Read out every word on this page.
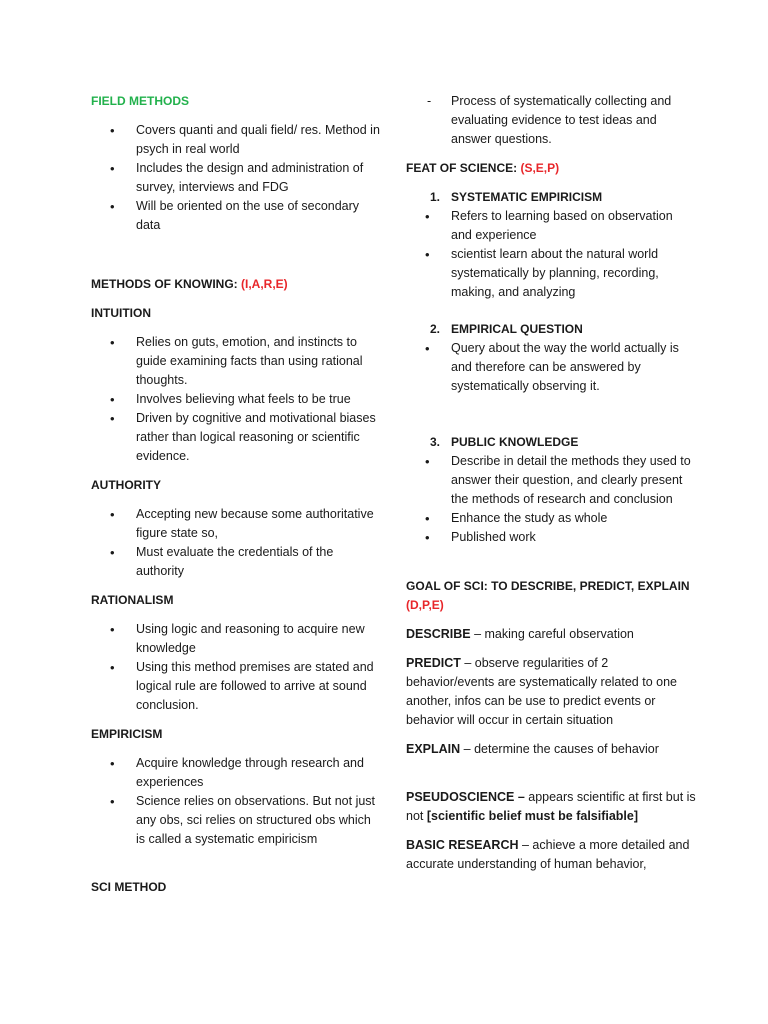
FIELD METHODS

• Covers quanti and quali field/ res. Method in psych in real world
• Includes the design and administration of survey, interviews and FDG
• Will be oriented on the use of secondary data

METHODS OF KNOWING: (I,A,R,E)

INTUITION

• Relies on guts, emotion, and instincts to guide examining facts than using rational thoughts.
• Involves believing what feels to be true
• Driven by cognitive and motivational biases rather than logical reasoning or scientific evidence.

AUTHORITY

• Accepting new because some authoritative figure state so,
• Must evaluate the credentials of the authority

RATIONALISM

• Using logic and reasoning to acquire new knowledge
• Using this method premises are stated and logical rule are followed to arrive at sound conclusion.

EMPIRICISM

• Acquire knowledge through research and experiences
• Science relies on observations. But not just any obs, sci relies on structured obs which is called a systematic empiricism

SCI METHOD

- Process of systematically collecting and evaluating evidence to test ideas and answer questions.

FEAT OF SCIENCE: (S,E,P)

1. SYSTEMATIC EMPIRICISM
• Refers to learning based on observation and experience
• scientist learn about the natural world systematically by planning, recording, making, and analyzing
2. EMPIRICAL QUESTION
• Query about the way the world actually is and therefore can be answered by systematically observing it.
3. PUBLIC KNOWLEDGE
• Describe in detail the methods they used to answer their question, and clearly present the methods of research and conclusion
• Enhance the study as whole
• Published work

GOAL OF SCI: TO DESCRIBE, PREDICT, EXPLAIN
(D,P,E)

DESCRIBE – making careful observation

PREDICT – observe regularities of 2 behavior/events are systematically related to one another, infos can be use to predict events or behavior will occur in certain situation

EXPLAIN – determine the causes of behavior

PSEUDOSCIENCE – appears scientific at first but is not [scientific belief must be falsifiable]

BASIC RESEARCH – achieve a more detailed and accurate understanding of human behavior,
